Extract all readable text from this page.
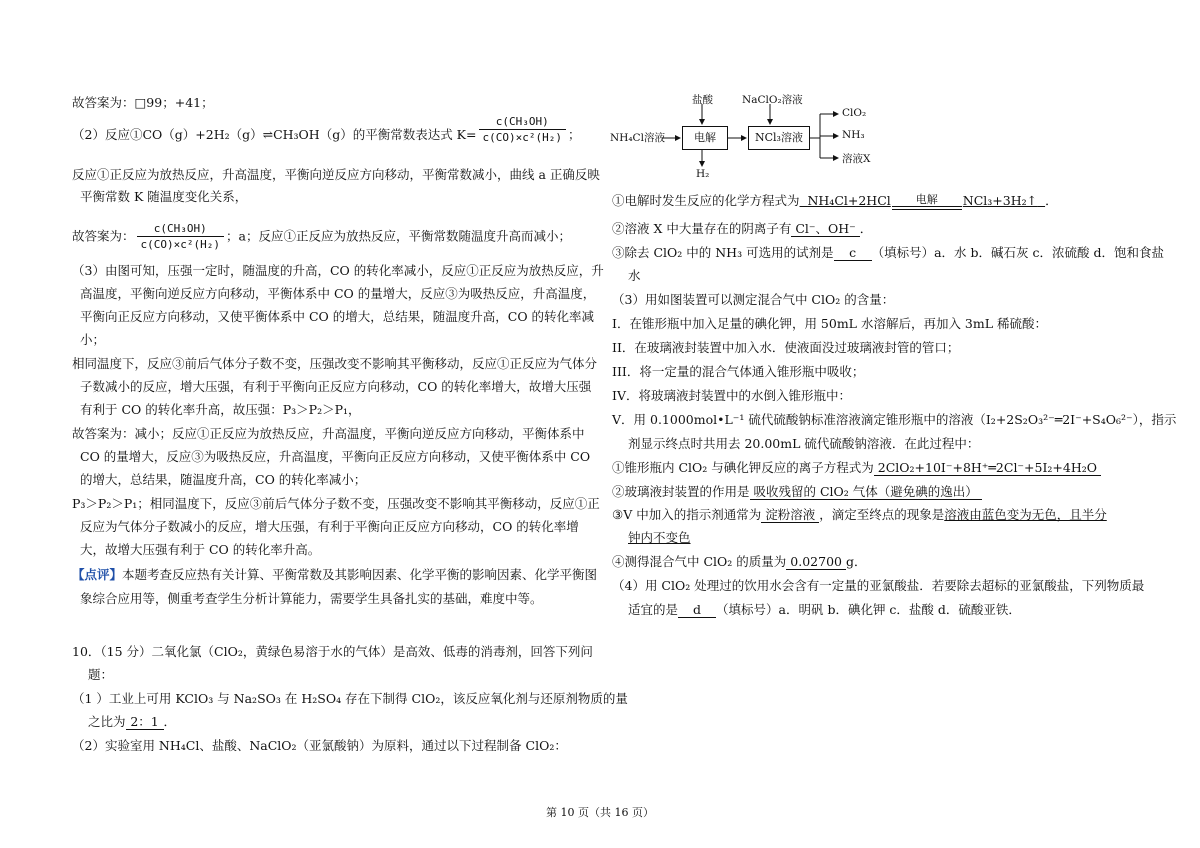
故答案为：□99；+41；
（2）反应①CO（g）+2H₂（g）⇌CH₃OH（g）的平衡常数表达式 $K= \frac{\text{c(CH₃OH)}}{\text{c(CO)×c²(H₂)}}$ ；
反应①正反应为放热反应，升高温度，平衡向逆反应方向移动，平衡常数减小，曲线 a 正确反映
平衡常数 K 随温度变化关系，
故答案为： $\frac{\text{c(CH₃OH)}}{\text{c(CO)×c²(H₂)}}$ ；a；反应①正反应为放热反应，平衡常数随温度升高而减小；
（3）由图可知，压强一定时，随温度的升高，CO 的转化率减小，反应①正反应为放热反应，升
高温度，平衡向逆反应方向移动，平衡体系中 CO 的量增大，反应③为吸热反应，升高温度，
平衡向正反应方向移动，又使平衡体系中 CO 的增大，总结果，随温度升高，CO 的转化率减
小；
相同温度下，反应③前后气体分子数不变，压强改变不影响其平衡移动，反应①正反应为气体分
子数减小的反应，增大压强，有利于平衡向正反应方向移动，CO 的转化率增大，故增大压强
有利于 CO 的转化率升高，故压强：P₃＞P₂＞P₁，
故答案为：减小；反应①正反应为放热反应，升高温度，平衡向逆反应方向移动，平衡体系中
CO 的量增大，反应③为吸热反应，升高温度，平衡向正反应方向移动，又使平衡体系中 CO
的增大，总结果，随温度升高，CO 的转化率减小；
P₃＞P₂＞P₁；相同温度下，反应③前后气体分子数不变，压强改变不影响其平衡移动，反应①正
反应为气体分子数减小的反应，增大压强，有利于平衡向正反应方向移动，CO 的转化率增
大，故增大压强有利于 CO 的转化率升高。
【点评】本题考查反应热有关计算、平衡常数及其影响因素、化学平衡的影响因素、化学平衡图
象综合应用等，侧重考查学生分析计算能力，需要学生具备扎实的基础，难度中等。
10．（15 分）二氧化氯（ClO₂，黄绿色易溶于水的气体）是高效、低毒的消毒剂，回答下列问
题：
（1 ）工业上可用 KClO₃ 与 Na₂SO₃ 在 H₂SO₄ 存在下制得 ClO₂，该反应氧化剂与还原剂物质的量
之比为 2：1 ．
（2）实验室用 NH₄Cl、盐酸、NaClO₂（亚氯酸钠）为原料，通过以下过程制备 ClO₂：
盐酸	NaClO₂溶液
NH₄Cl溶液	电解	NCl₃溶液
H₂
ClO₂
NH₃
溶液X
①电解时发生反应的化学方程式为 NH₄Cl+2HCl	电解	NCl₃+3H₂↑ ．
②溶液 X 中大量存在的阴离子有 Cl⁻、OH⁻ ．
③除去 ClO₂ 中的 NH₃ 可选用的试剂是 c （填标号）a．水 b．碱石灰 c．浓硫酸 d．饱和食盐
水
（3）用如图装置可以测定混合气中 ClO₂ 的含量：
I．在锥形瓶中加入足量的碘化钾，用 50mL 水溶解后，再加入 3mL 稀硫酸：
II．在玻璃液封装置中加入水．使液面没过玻璃液封管的管口；
III．将一定量的混合气体通入锥形瓶中吸收；
IV．将玻璃液封装置中的水倒入锥形瓶中：
V．用 0.1000mol•L⁻¹ 硫代硫酸钠标准溶液滴定锥形瓶中的溶液（I₂+2S₂O₃²⁻═2I⁻+S₄O₆²⁻），指示
剂显示终点时共用去 20.00mL 硫代硫酸钠溶液．在此过程中：
①锥形瓶内 ClO₂ 与碘化钾反应的离子方程式为 2ClO₂+10I⁻+8H⁺═2Cl⁻+5I₂+4H₂O
②玻璃液封装置的作用是 吸收残留的 ClO₂ 气体（避免碘的逸出）
③V 中加入的指示剂通常为 淀粉溶液 ，滴定至终点的现象是溶液由蓝色变为无色，且半分
钟内不变色
④测得混合气中 ClO₂ 的质量为 0.02700 g．
（4）用 ClO₂ 处理过的饮用水会含有一定量的亚氯酸盐．若要除去超标的亚氯酸盐，下列物质最
适宜的是 d （填标号）a．明矾 b．碘化钾 c．盐酸 d．硫酸亚铁．
第 10 页（共 16 页）
